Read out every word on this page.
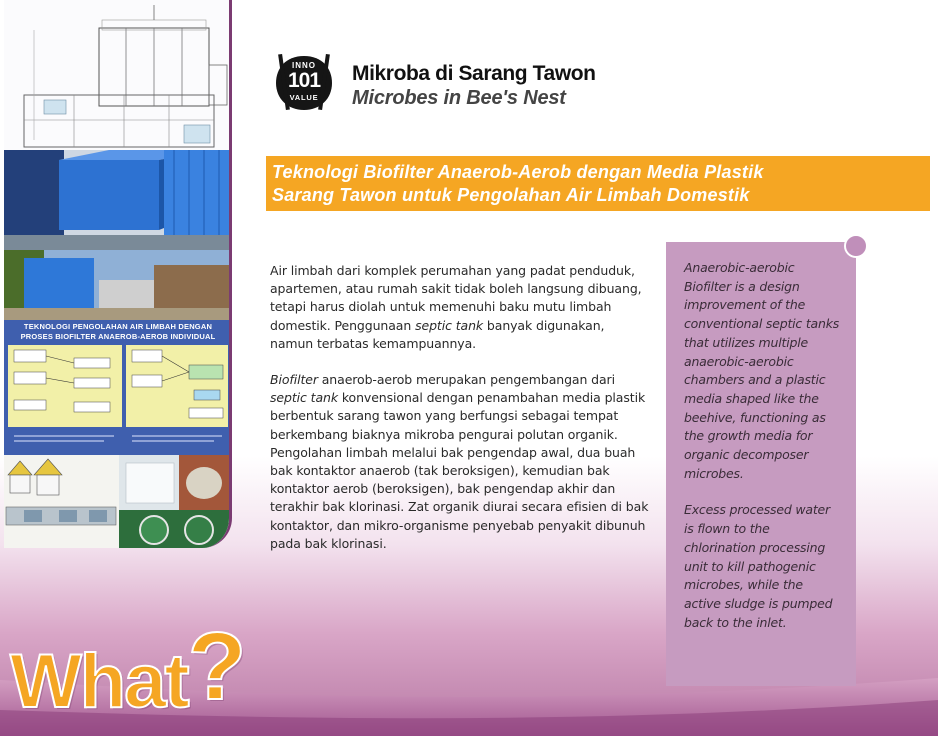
TEKNOLOGI PENGOLAHAN AIR LIMBAH DENGAN PROSES BIOFILTER ANAEROB-AEROB INDIVIDUAL
INNO
101
VALUE
Mikroba di Sarang Tawon
Microbes in Bee's Nest
Teknologi Biofilter Anaerob-Aerob dengan Media Plastik
Sarang Tawon untuk Pengolahan Air Limbah Domestik

Air limbah dari komplek perumahan yang padat penduduk, apartemen, atau rumah sakit tidak boleh langsung dibuang, tetapi harus diolah untuk memenuhi baku mutu limbah domestik. Penggunaan septic tank banyak digunakan, namun terbatas kemampuannya.

Biofilter anaerob-aerob merupakan pengembangan dari septic tank konvensional dengan penambahan media plastik berbentuk sarang tawon yang berfungsi sebagai tempat berkembang biaknya mikroba pengurai polutan organik. Pengolahan limbah melalui bak pengendap awal, dua buah bak kontaktor anaerob (tak beroksigen), kemudian bak kontaktor aerob (beroksigen), bak pengendap akhir dan terakhir bak klorinasi. Zat organik diurai secara efisien di bak kontaktor, dan mikro-organisme penyebab penyakit dibunuh pada bak klorinasi.

Anaerobic-aerobic Biofilter is a design improvement of the conventional septic tanks that utilizes multiple anaerobic-aerobic chambers and a plastic media shaped like the beehive, functioning as the growth media for organic decomposer microbes.

Excess processed water is flown to the chlorination processing unit to kill pathogenic microbes, while the active sludge is pumped back to the inlet.

What?
